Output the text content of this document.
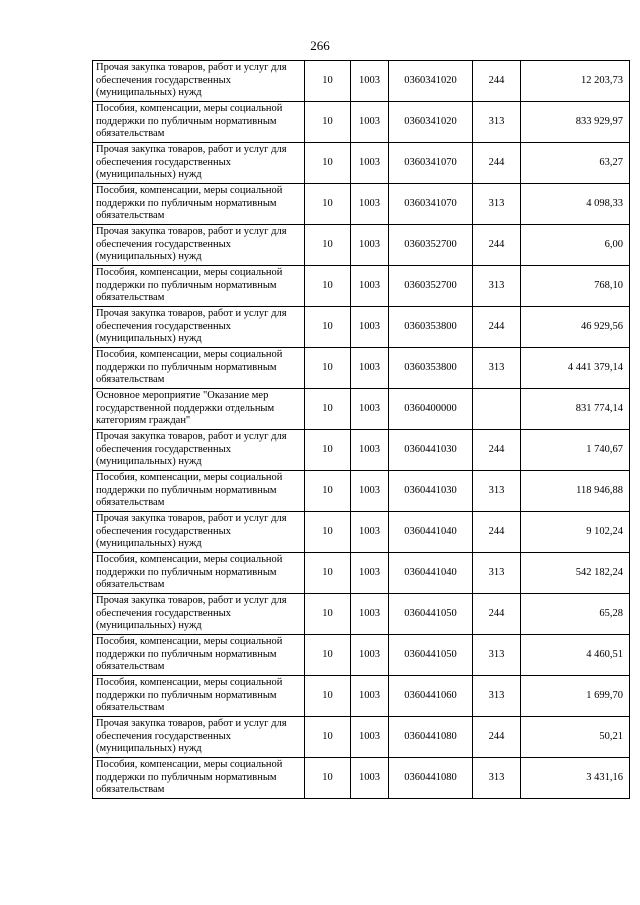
266
Прочая закупка товаров, работ и услуг для обеспечения государственных (муниципальных) нужд	10	1003	0360341020	244	12 203,73
Пособия, компенсации, меры социальной поддержки по публичным нормативным обязательствам	10	1003	0360341020	313	833 929,97
Прочая закупка товаров, работ и услуг для обеспечения государственных (муниципальных) нужд	10	1003	0360341070	244	63,27
Пособия, компенсации, меры социальной поддержки по публичным нормативным обязательствам	10	1003	0360341070	313	4 098,33
Прочая закупка товаров, работ и услуг для обеспечения государственных (муниципальных) нужд	10	1003	0360352700	244	6,00
Пособия, компенсации, меры социальной поддержки по публичным нормативным обязательствам	10	1003	0360352700	313	768,10
Прочая закупка товаров, работ и услуг для обеспечения государственных (муниципальных) нужд	10	1003	0360353800	244	46 929,56
Пособия, компенсации, меры социальной поддержки по публичным нормативным обязательствам	10	1003	0360353800	313	4 441 379,14
Основное мероприятие "Оказание мер государственной поддержки отдельным категориям граждан"	10	1003	0360400000		831 774,14
Прочая закупка товаров, работ и услуг для обеспечения государственных (муниципальных) нужд	10	1003	0360441030	244	1 740,67
Пособия, компенсации, меры социальной поддержки по публичным нормативным обязательствам	10	1003	0360441030	313	118 946,88
Прочая закупка товаров, работ и услуг для обеспечения государственных (муниципальных) нужд	10	1003	0360441040	244	9 102,24
Пособия, компенсации, меры социальной поддержки по публичным нормативным обязательствам	10	1003	0360441040	313	542 182,24
Прочая закупка товаров, работ и услуг для обеспечения государственных (муниципальных) нужд	10	1003	0360441050	244	65,28
Пособия, компенсации, меры социальной поддержки по публичным нормативным обязательствам	10	1003	0360441050	313	4 460,51
Пособия, компенсации, меры социальной поддержки по публичным нормативным обязательствам	10	1003	0360441060	313	1 699,70
Прочая закупка товаров, работ и услуг для обеспечения государственных (муниципальных) нужд	10	1003	0360441080	244	50,21
Пособия, компенсации, меры социальной поддержки по публичным нормативным обязательствам	10	1003	0360441080	313	3 431,16
